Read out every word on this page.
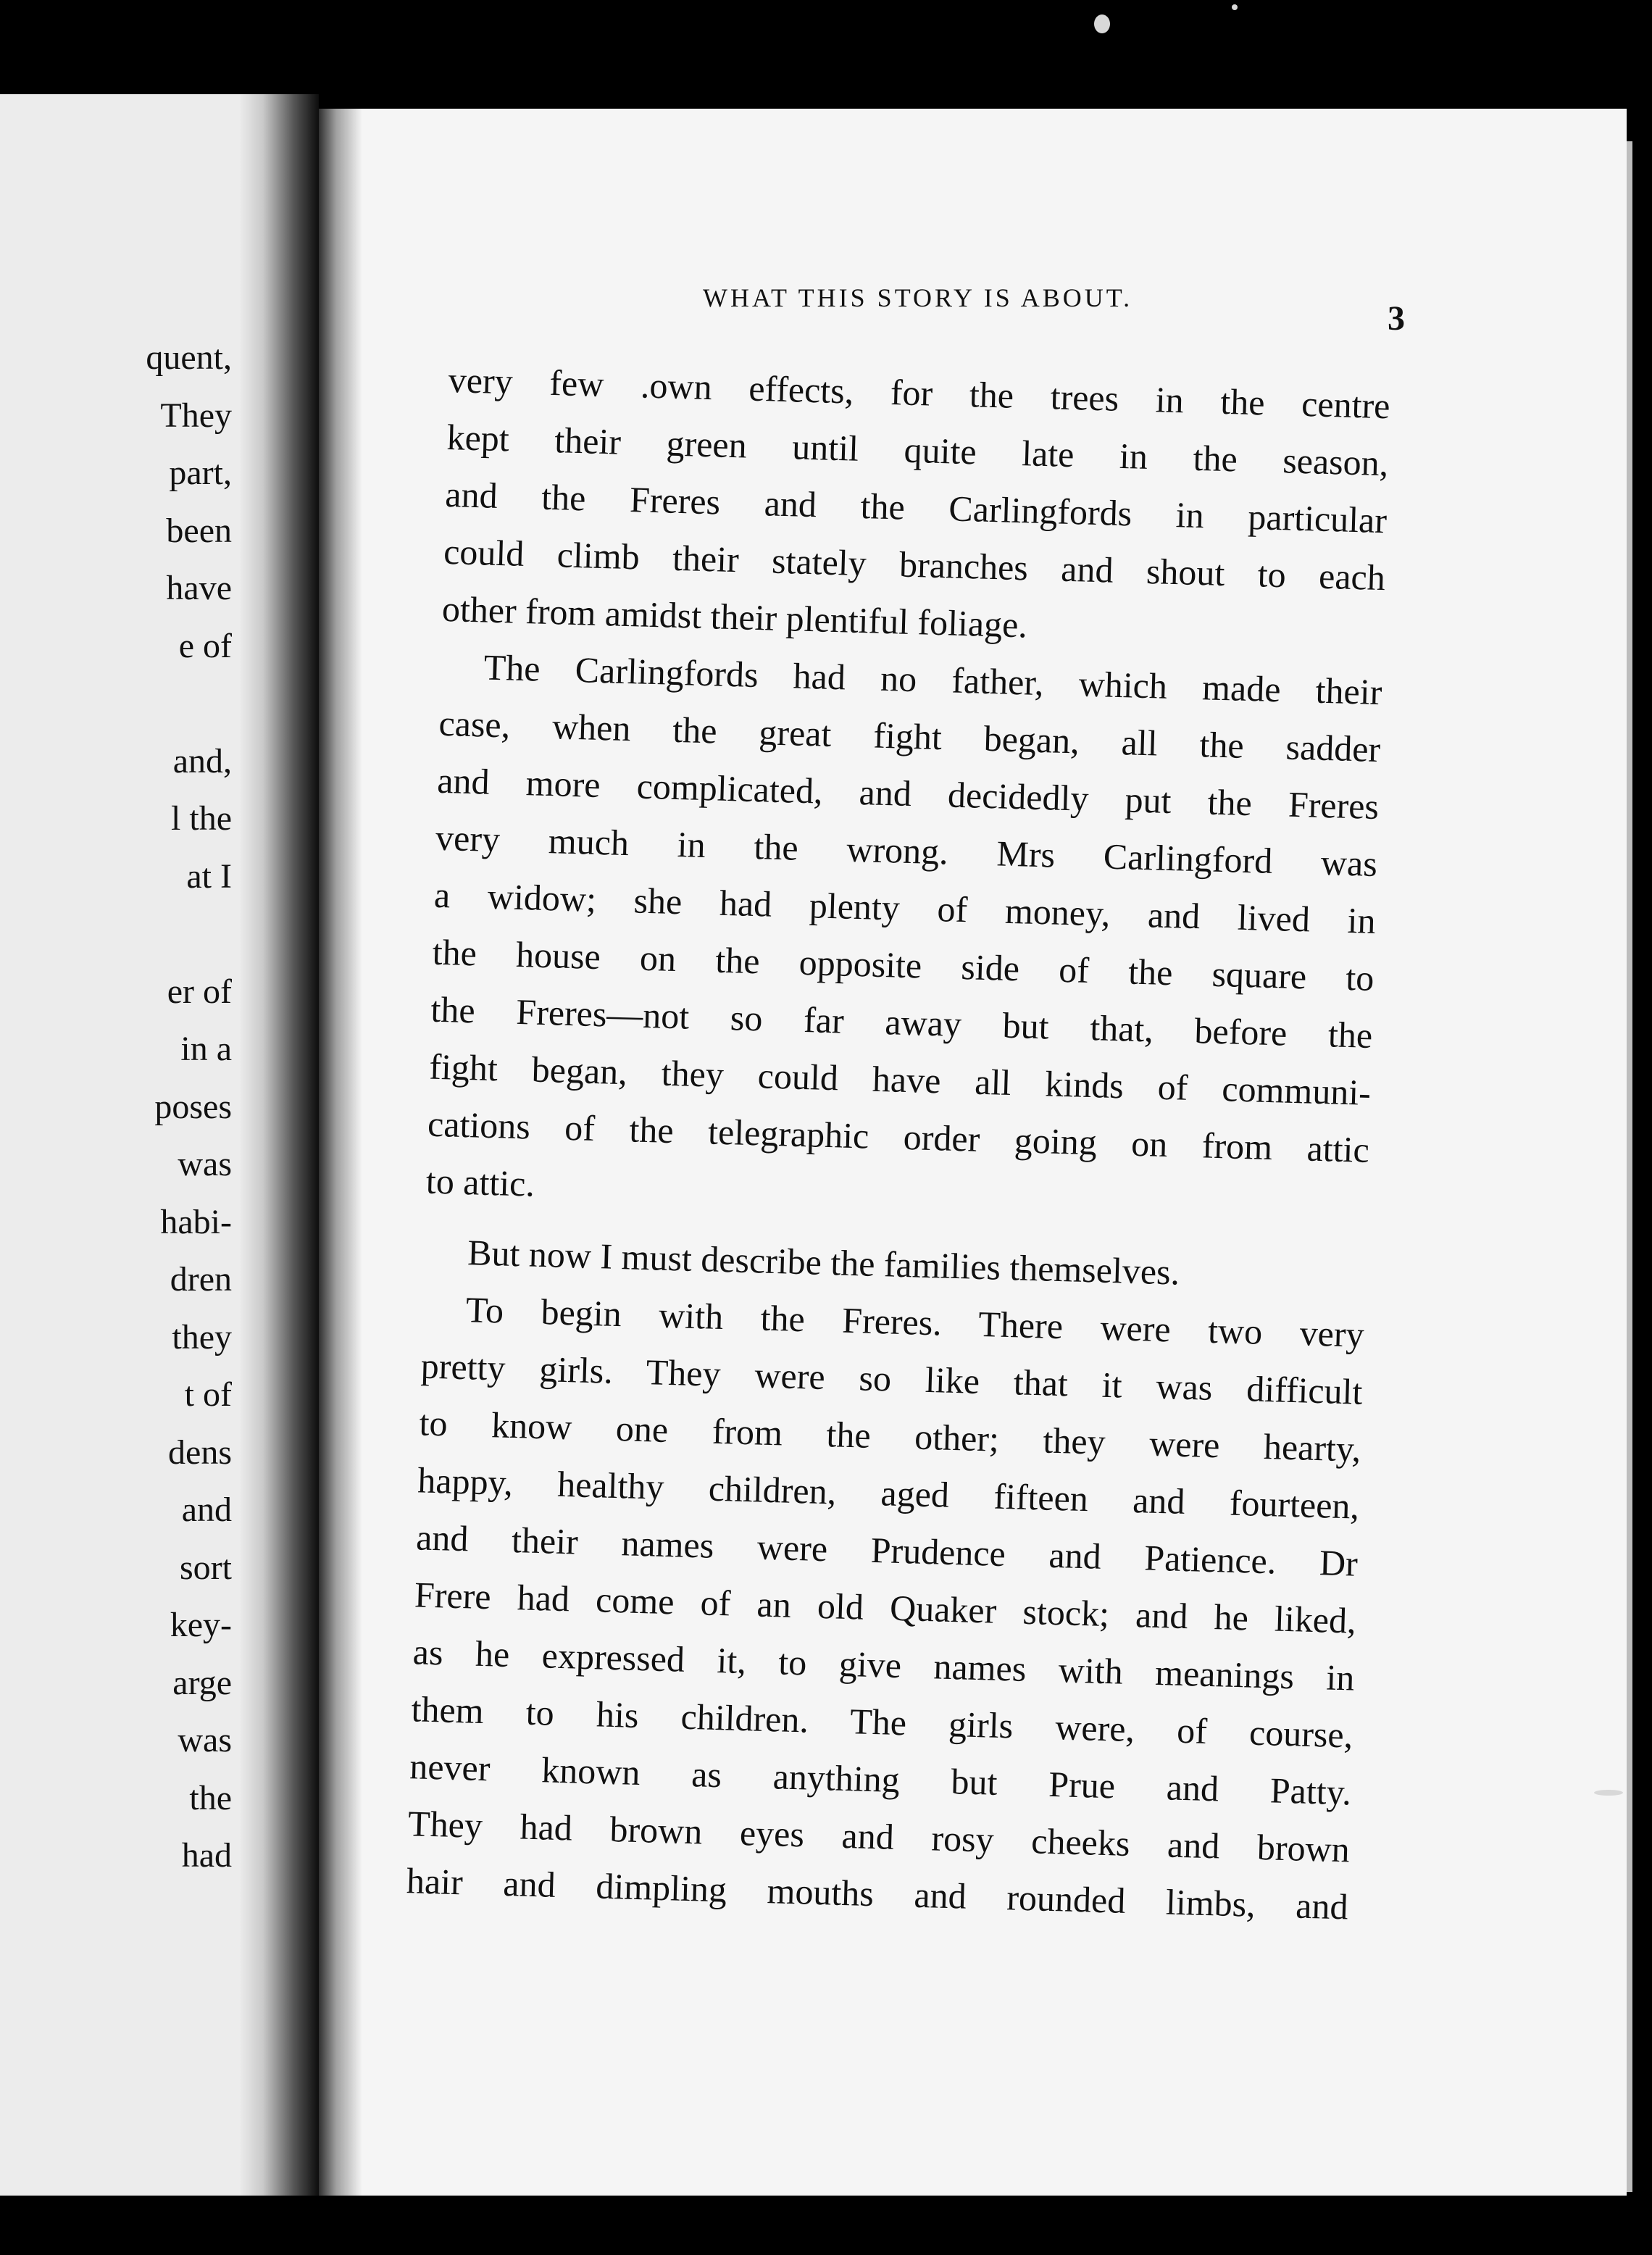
quent,
They
part,
been
have
e of
and,
l the
at I
er of
in a
poses
was
habi-
dren
they
t of
dens
and
sort
key-
arge
was
the
had
WHAT THIS STORY IS ABOUT.
3
very few .own effects, for the trees in the centre
kept their green until quite late in the season,
and the Freres and the Carlingfords in particular
could climb their stately branches and shout to each
other from amidst their plentiful foliage.
The Carlingfords had no father, which made their
case, when the great fight began, all the sadder
and more complicated, and decidedly put the Freres
very much in the wrong. Mrs Carlingford was
a widow; she had plenty of money, and lived in
the house on the opposite side of the square to
the Freres—not so far away but that, before the
fight began, they could have all kinds of communi-
cations of the telegraphic order going on from attic
to attic.
But now I must describe the families themselves.
To begin with the Freres. There were two very
pretty girls. They were so like that it was difficult
to know one from the other; they were hearty,
happy, healthy children, aged fifteen and fourteen,
and their names were Prudence and Patience. Dr
Frere had come of an old Quaker stock; and he liked,
as he expressed it, to give names with meanings in
them to his children. The girls were, of course,
never known as anything but Prue and Patty.
They had brown eyes and rosy cheeks and brown
hair and dimpling mouths and rounded limbs, and
